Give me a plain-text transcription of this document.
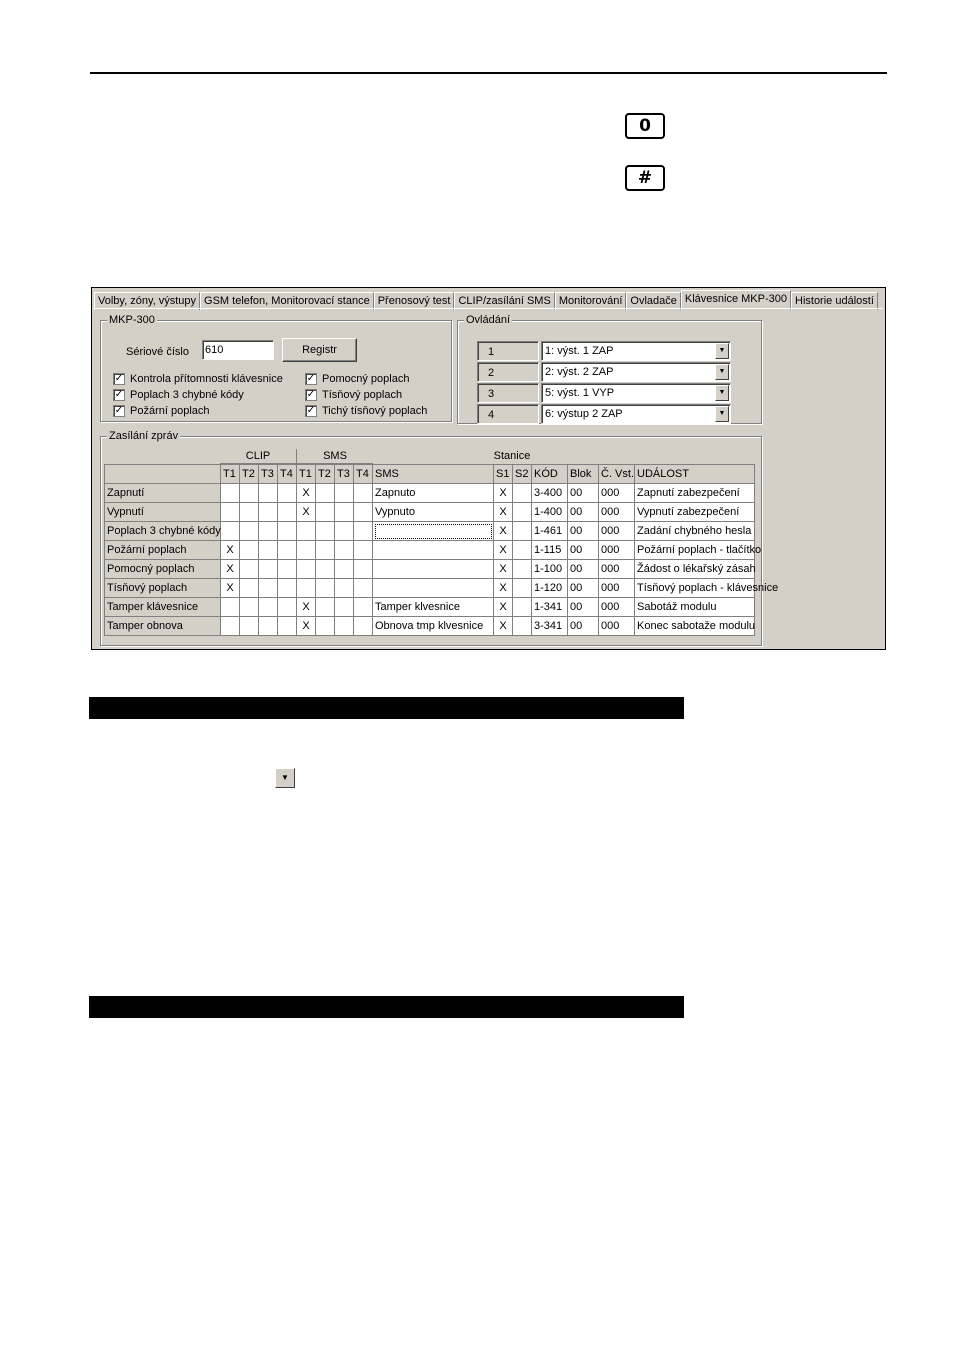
0
#
Volby, zóny, výstupy GSM telefon, Monitorovací stance Přenosový test CLIP/zasílání SMS Monitorování Ovladače Klávesnice MKP-300 Historie událostí
MKP-300
Sériové číslo 610	Registr
✓ Kontrola přítomnosti klávesnice
✓ Poplach 3 chybné kódy
✓ Požární poplach
✓ Pomocný poplach
✓ Tísňový poplach
✓ Tichý tísňový poplach
Ovládání
1	1: výst. 1 ZAP	▼
2	2: výst. 2 ZAP	▼
3	5: výst. 1 VYP	▼
4	6: výstup 2 ZAP	▼
Zasílání zpráv
CLIP	SMS	Stanice
	T1	T2	T3	T4	T1	T2	T3	T4	SMS	S1	S2	KÓD	Blok	Č. Vst.	UDÁLOST
Zapnutí					X				Zapnuto	X		3-400	00	000	Zapnutí zabezpečení
Vypnutí					X				Vypnuto	X		1-400	00	000	Vypnutí zabezpečení
Poplach 3 chybné kódy										X		1-461	00	000	Zadání chybného hesla
Požární poplach	X									X		1-115	00	000	Požární poplach - tlačítko
Pomocný poplach	X									X		1-100	00	000	Žádost o lékařský zásah
Tísňový poplach	X									X		1-120	00	000	Tísňový poplach - klávesnice
Tamper klávesnice					X				Tamper klvesnice	X		1-341	00	000	Sabotáž modulu
Tamper obnova					X				Obnova tmp klvesnice	X		3-341	00	000	Konec sabotaže modulu
▼
